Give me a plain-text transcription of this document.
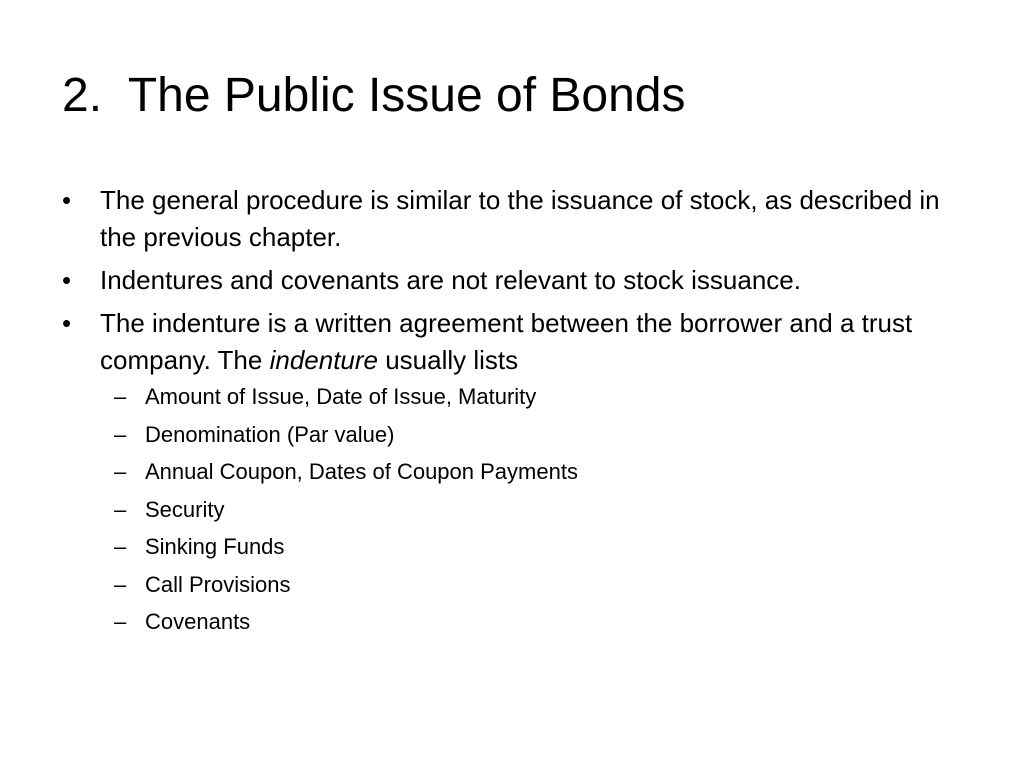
2.  The Public Issue of Bonds
•	The general procedure is similar to the issuance of stock, as described in the previous chapter.
•	Indentures and covenants are not relevant to stock issuance.
•	The indenture is a written agreement between the borrower and a trust company. The indenture usually lists
– Amount of Issue, Date of Issue, Maturity
– Denomination (Par value)
– Annual Coupon, Dates of Coupon Payments
– Security
– Sinking Funds
– Call Provisions
– Covenants
